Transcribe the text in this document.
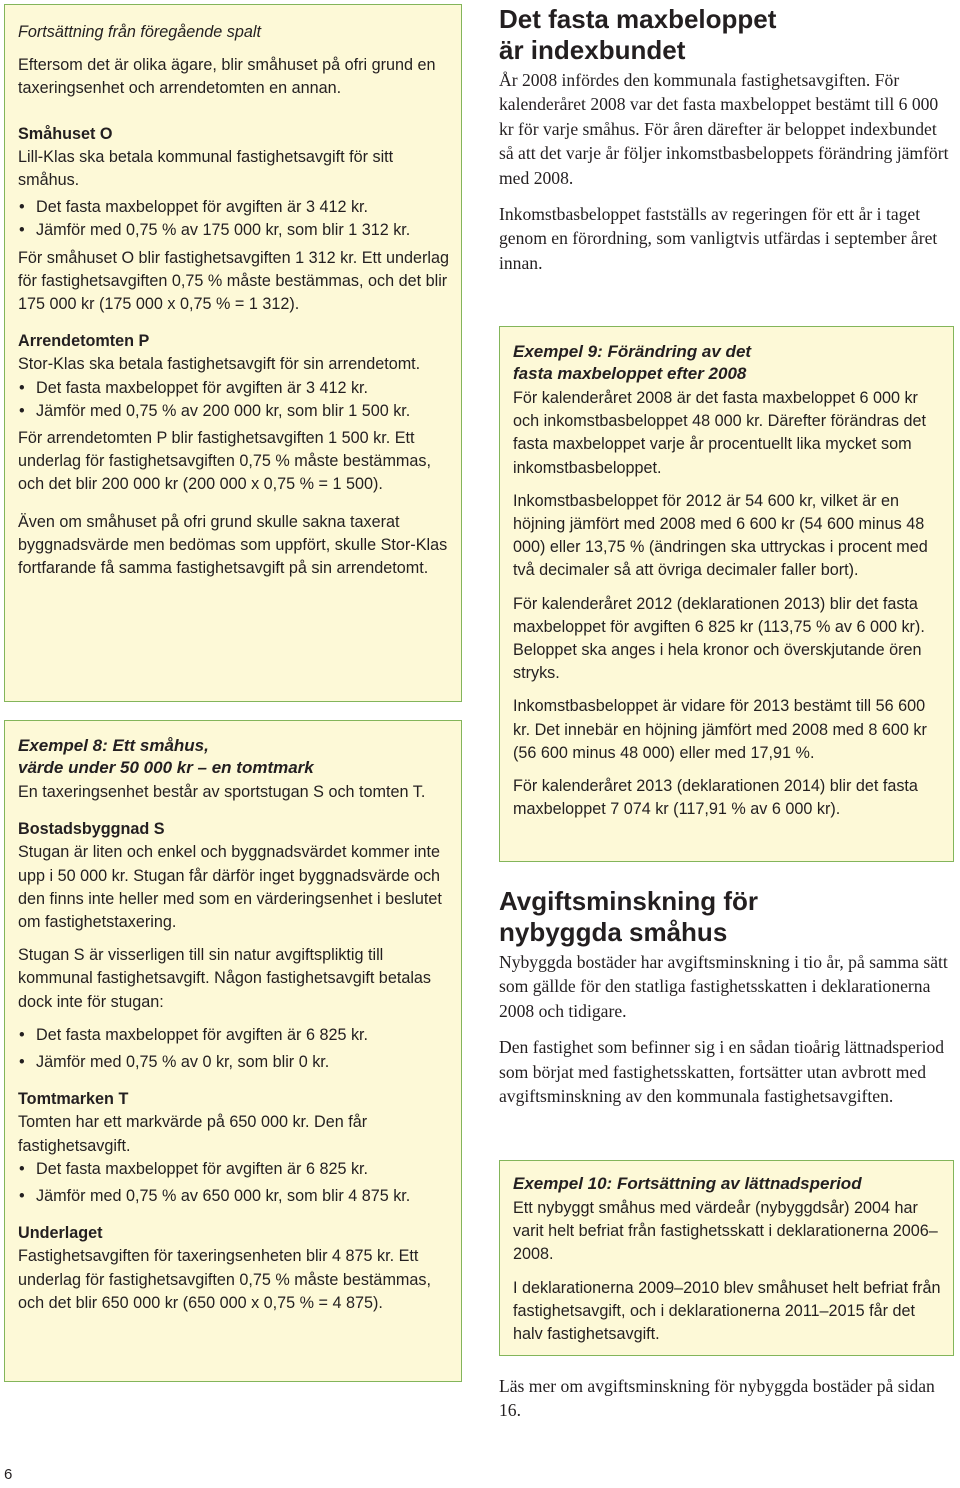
Fortsättning från föregående spalt

Eftersom det är olika ägare, blir småhuset på ofri grund en taxeringsenhet och arrendetomten en annan.

Småhuset O

Lill-Klas ska betala kommunal fastighetsavgift för sitt småhus.

• Det fasta maxbeloppet för avgiften är 3 412 kr.
• Jämför med 0,75 % av 175 000 kr, som blir 1 312 kr.

För småhuset O blir fastighetsavgiften 1 312 kr. Ett underlag för fastighetsavgiften 0,75 % måste bestämmas, och det blir 175 000 kr (175 000 x 0,75 % = 1 312).

Arrendetomten P

Stor-Klas ska betala fastighetsavgift för sin arrendetomt.

• Det fasta maxbeloppet för avgiften är 3 412 kr.
• Jämför med 0,75 % av 200 000 kr, som blir 1 500 kr.

För arrendetomten P blir fastighetsavgiften 1 500 kr. Ett underlag för fastighetsavgiften 0,75 % måste bestämmas, och det blir 200 000 kr (200 000 x 0,75 % = 1 500).

Även om småhuset på ofri grund skulle sakna taxerat byggnadsvärde men bedömas som uppfört, skulle Stor-Klas fortfarande få samma fastighetsavgift på sin arrendetomt.

Exempel 8: Ett småhus,
värde under 50 000 kr – en tomtmark

En taxeringsenhet består av sportstugan S och tomten T.

Bostadsbyggnad S

Stugan är liten och enkel och byggnadsvärdet kommer inte upp i 50 000 kr. Stugan får därför inget byggnadsvärde och den finns inte heller med som en värderingsenhet i beslutet om fastighetstaxering.

Stugan S är visserligen till sin natur avgiftspliktig till kommunal fastighetsavgift. Någon fastighetsavgift betalas dock inte för stugan:

• Det fasta maxbeloppet för avgiften är 6 825 kr.
• Jämför med 0,75 % av 0 kr, som blir 0 kr.

Tomtmarken T

Tomten har ett markvärde på 650 000 kr. Den får fastighetsavgift.

• Det fasta maxbeloppet för avgiften är 6 825 kr.
• Jämför med 0,75 % av 650 000 kr, som blir 4 875 kr.

Underlaget

Fastighetsavgiften för taxeringsenheten blir 4 875 kr. Ett underlag för fastighetsavgiften 0,75 % måste bestämmas, och det blir 650 000 kr (650 000 x 0,75 % = 4 875).

Det fasta maxbeloppet
är indexbundet

År 2008 infördes den kommunala fastighetsavgiften. För kalenderåret 2008 var det fasta maxbeloppet bestämt till 6 000 kr för varje småhus. För åren därefter är beloppet indexbundet så att det varje år följer inkomstbasbeloppets förändring jämfört med 2008.

Inkomstbasbeloppet fastställs av regeringen för ett år i taget genom en förordning, som vanligtvis utfärdas i september året innan.

Exempel 9: Förändring av det
fasta maxbeloppet efter 2008

För kalenderåret 2008 är det fasta maxbeloppet 6 000 kr och inkomstbasbeloppet 48 000 kr. Därefter förändras det fasta maxbeloppet varje år procentuellt lika mycket som inkomstbasbeloppet.

Inkomstbasbeloppet för 2012 är 54 600 kr, vilket är en höjning jämfört med 2008 med 6 600 kr (54 600 minus 48 000) eller 13,75 % (ändringen ska uttryckas i procent med två decimaler så att övriga decimaler faller bort).

För kalenderåret 2012 (deklarationen 2013) blir det fasta maxbeloppet för avgiften 6 825 kr (113,75 % av 6 000 kr). Beloppet ska anges i hela kronor och överskjutande ören stryks.

Inkomstbasbeloppet är vidare för 2013 bestämt till 56 600 kr. Det innebär en höjning jämfört med 2008 med 8 600 kr (56 600 minus 48 000) eller med 17,91 %.

För kalenderåret 2013 (deklarationen 2014) blir det fasta maxbeloppet 7 074 kr (117,91 % av 6 000 kr).

Avgiftsminskning för
nybyggda småhus

Nybyggda bostäder har avgiftsminskning i tio år, på samma sätt som gällde för den statliga fastighetsskatten i deklarationerna 2008 och tidigare.

Den fastighet som befinner sig i en sådan tioårig lättnadsperiod som börjat med fastighetsskatten, fortsätter utan avbrott med avgiftsminskning av den kommunala fastighetsavgiften.

Exempel 10: Fortsättning av lättnadsperiod

Ett nybyggt småhus med värdeår (nybyggdsår) 2004 har varit helt befriat från fastighetsskatt i deklarationerna 2006–2008.

I deklarationerna 2009–2010 blev småhuset helt befriat från fastighetsavgift, och i deklarationerna 2011–2015 får det halv fastighetsavgift.

Läs mer om avgiftsminskning för nybyggda bostäder på sidan 16.

6
